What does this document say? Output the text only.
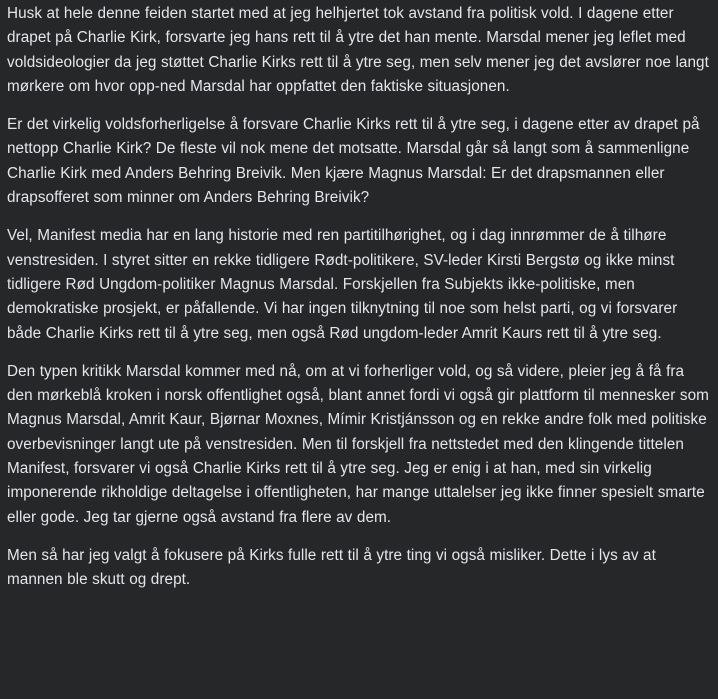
Husk at hele denne feiden startet med at jeg helhjertet tok avstand fra politisk vold. I dagene etter drapet på Charlie Kirk, forsvarte jeg hans rett til å ytre det han mente. Marsdal mener jeg leflet med voldsideologier da jeg støttet Charlie Kirks rett til å ytre seg, men selv mener jeg det avslører noe langt mørkere om hvor opp-ned Marsdal har oppfattet den faktiske situasjonen.

Er det virkelig voldsforherligelse å forsvare Charlie Kirks rett til å ytre seg, i dagene etter av drapet på nettopp Charlie Kirk? De fleste vil nok mene det motsatte. Marsdal går så langt som å sammenligne Charlie Kirk med Anders Behring Breivik. Men kjære Magnus Marsdal: Er det drapsmannen eller drapsofferet som minner om Anders Behring Breivik?

Vel, Manifest media har en lang historie med ren partitilhørighet, og i dag innrømmer de å tilhøre venstresiden. I styret sitter en rekke tidligere Rødt-politikere, SV-leder Kirsti Bergstø og ikke minst tidligere Rød Ungdom-politiker Magnus Marsdal. Forskjellen fra Subjekts ikke-politiske, men demokratiske prosjekt, er påfallende. Vi har ingen tilknytning til noe som helst parti, og vi forsvarer både Charlie Kirks rett til å ytre seg, men også Rød ungdom-leder Amrit Kaurs rett til å ytre seg.

Den typen kritikk Marsdal kommer med nå, om at vi forherliger vold, og så videre, pleier jeg å få fra den mørkeblå kroken i norsk offentlighet også, blant annet fordi vi også gir plattform til mennesker som Magnus Marsdal, Amrit Kaur, Bjørnar Moxnes, Mímir Kristjánsson og en rekke andre folk med politiske overbevisninger langt ute på venstresiden. Men til forskjell fra nettstedet med den klingende tittelen Manifest, forsvarer vi også Charlie Kirks rett til å ytre seg. Jeg er enig i at han, med sin virkelig imponerende rikholdige deltagelse i offentligheten, har mange uttalelser jeg ikke finner spesielt smarte eller gode. Jeg tar gjerne også avstand fra flere av dem.

Men så har jeg valgt å fokusere på Kirks fulle rett til å ytre ting vi også misliker. Dette i lys av at mannen ble skutt og drept.
